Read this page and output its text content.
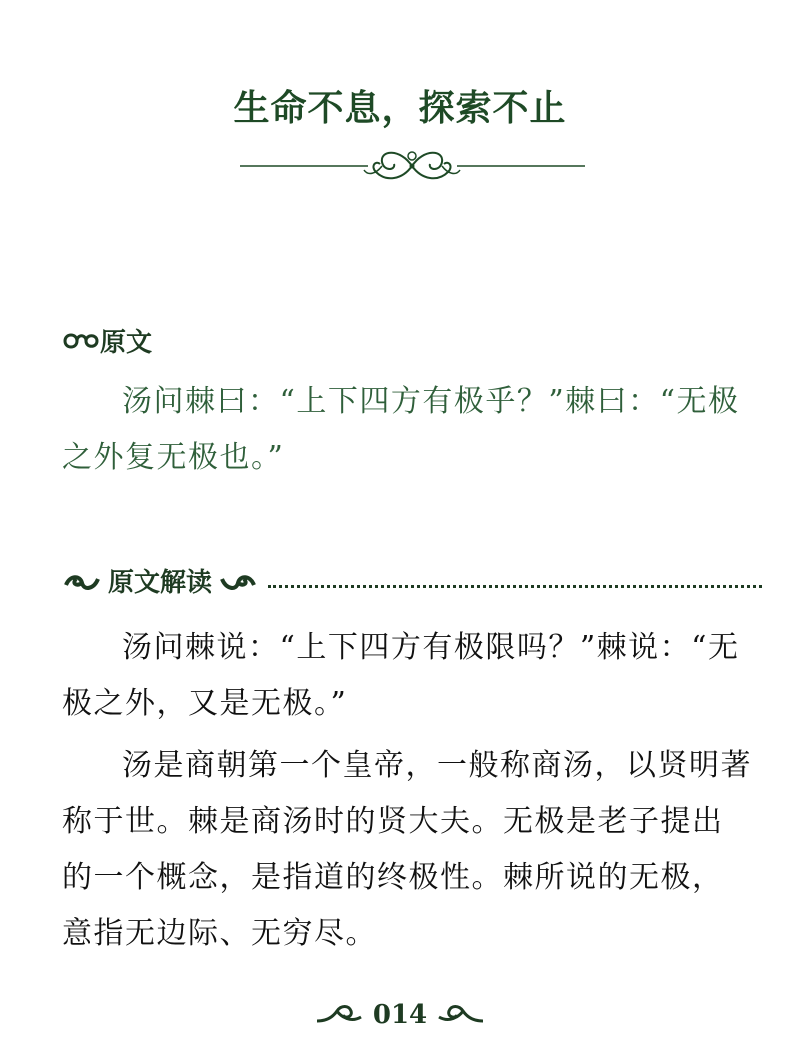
生命不息，探索不止
原文

汤问棘曰：“上下四方有极乎？”棘曰：“无极之外复无极也。”

原文解读

汤问棘说：“上下四方有极限吗？”棘说：“无极之外，又是无极。”

汤是商朝第一个皇帝，一般称商汤，以贤明著称于世。棘是商汤时的贤大夫。无极是老子提出的一个概念，是指道的终极性。棘所说的无极，意指无边际、无穷尽。

014
